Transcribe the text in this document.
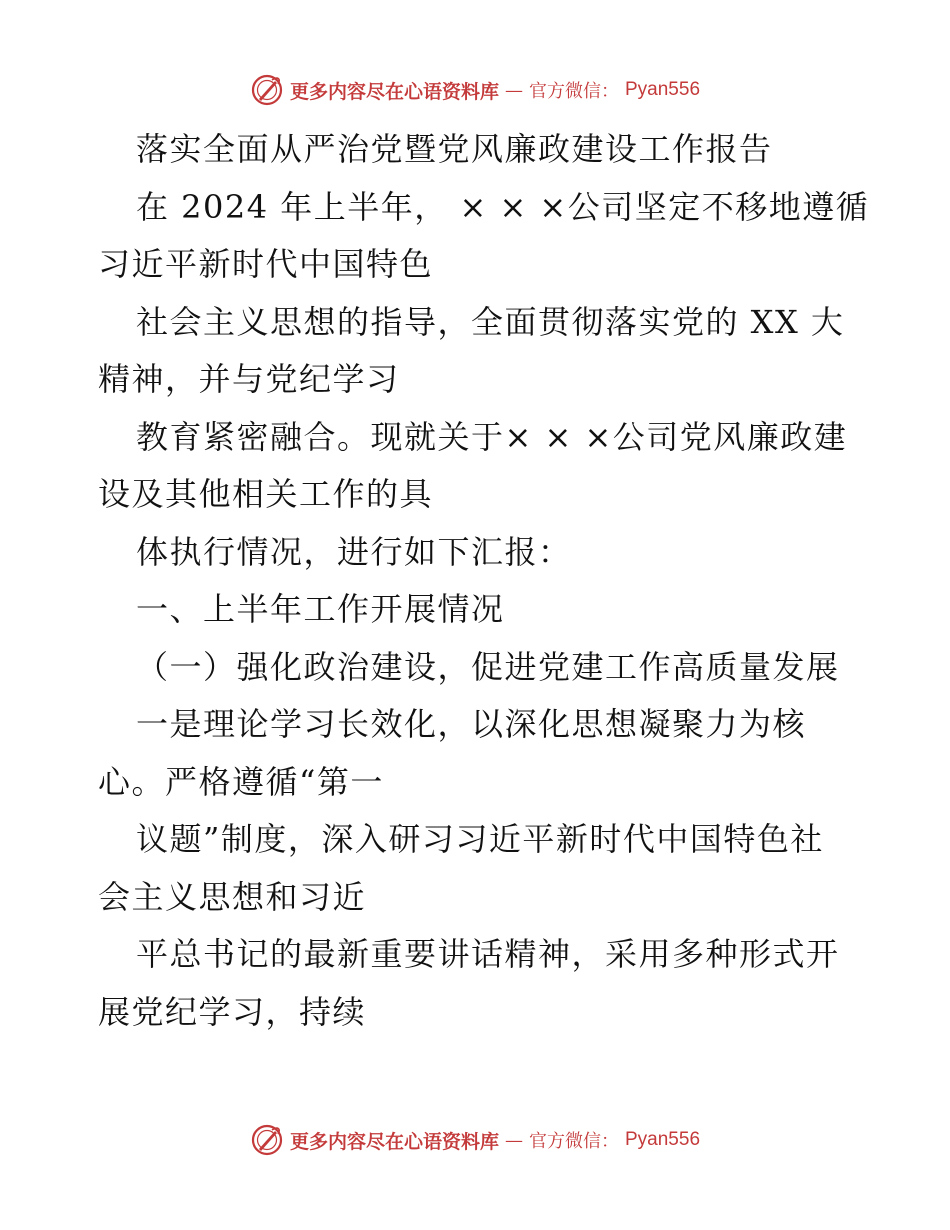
更多内容尽在心语资料库 — 官方微信： Pyan556
落实全面从严治党暨党风廉政建设工作报告
在 2024 年上半年， × × ×公司坚定不移地遵循
习近平新时代中国特色
社会主义思想的指导，全面贯彻落实党的 XX 大
精神，并与党纪学习
教育紧密融合。现就关于× × ×公司党风廉政建
设及其他相关工作的具
体执行情况，进行如下汇报：
一、上半年工作开展情况
（一）强化政治建设，促进党建工作高质量发展
一是理论学习长效化，以深化思想凝聚力为核
心。严格遵循“第一
议题”制度，深入研习习近平新时代中国特色社
会主义思想和习近
平总书记的最新重要讲话精神，采用多种形式开
展党纪学习，持续
更多内容尽在心语资料库 — 官方微信： Pyan556
